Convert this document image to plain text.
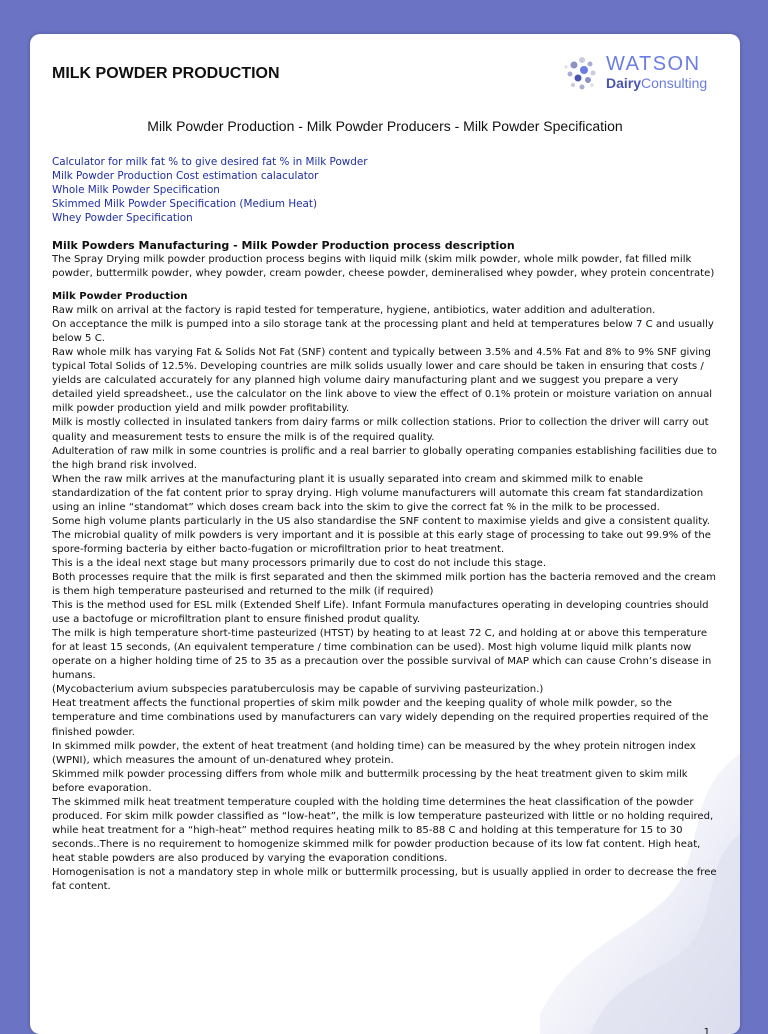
MILK POWDER PRODUCTION	WATSON
DairyConsulting
Milk Powder Production - Milk Powder Producers - Milk Powder Specification
Calculator for milk fat % to give desired fat % in Milk Powder
Milk Powder Production Cost estimation calaculator
Whole Milk Powder Specification
Skimmed Milk Powder Specification (Medium Heat)
Whey Powder Specification
Milk Powders Manufacturing - Milk Powder Production process description

The Spray Drying milk powder production process begins with liquid milk (skim milk powder, whole milk powder, fat filled milk powder, buttermilk powder, whey powder, cream powder, cheese powder, demineralised whey powder, whey protein concentrate)

Milk Powder Production

Raw milk on arrival at the factory is rapid tested for temperature, hygiene, antibiotics, water addition and adulteration.

On acceptance the milk is pumped into a silo storage tank at the processing plant and held at temperatures below 7 C and usually below 5 C.

Raw whole milk has varying Fat & Solids Not Fat (SNF) content and typically between 3.5% and 4.5% Fat and 8% to 9% SNF giving typical Total Solids of 12.5%. Developing countries are milk solids usually lower and care should be taken in ensuring that costs / yields are calculated accurately for any planned high volume dairy manufacturing plant and we suggest you prepare a very detailed yield spreadsheet., use the calculator on the link above to view the effect of 0.1% protein or moisture variation on annual milk powder production yield and milk powder profitability.

Milk is mostly collected in insulated tankers from dairy farms or milk collection stations. Prior to collection the driver will carry out quality and measurement tests to ensure the milk is of the required quality.

Adulteration of raw milk in some countries is prolific and a real barrier to globally operating companies establishing facilities due to the high brand risk involved.

When the raw milk arrives at the manufacturing plant it is usually separated into cream and skimmed milk to enable standardization of the fat content prior to spray drying. High volume manufacturers will automate this cream fat standardization using an inline “standomat” which doses cream back into the skim to give the correct fat % in the milk to be processed.

Some high volume plants particularly in the US also standardise the SNF content to maximise yields and give a consistent quality.

The microbial quality of milk powders is very important and it is possible at this early stage of processing to take out 99.9% of the spore-forming bacteria by either bacto-fugation or microfiltration prior to heat treatment.

This is a the ideal next stage but many processors primarily due to cost do not include this stage.

Both processes require that the milk is first separated and then the skimmed milk portion has the bacteria removed and the cream is them high temperature pasteurised and returned to the milk (if required)

This is the method used for ESL milk (Extended Shelf Life). Infant Formula manufactures operating in developing countries should use a bactofuge or microfiltration plant to ensure finished produt quality.

The milk is high temperature short-time pasteurized (HTST) by heating to at least 72 C, and holding at or above this temperature for at least 15 seconds, (An equivalent temperature / time combination can be used). Most high volume liquid milk plants now operate on a higher holding time of 25 to 35 as a precaution over the possible survival of MAP which can cause Crohn’s disease in humans.

(Mycobacterium avium subspecies paratuberculosis may be capable of surviving pasteurization.)

Heat treatment affects the functional properties of skim milk powder and the keeping quality of whole milk powder, so the temperature and time combinations used by manufacturers can vary widely depending on the required properties required of the finished powder.

In skimmed milk powder, the extent of heat treatment (and holding time) can be measured by the whey protein nitrogen index (WPNI), which measures the amount of un-denatured whey protein.

Skimmed milk powder processing differs from whole milk and buttermilk processing by the heat treatment given to skim milk before evaporation.

The skimmed milk heat treatment temperature coupled with the holding time determines the heat classification of the powder produced. For skim milk powder classified as “low-heat”, the milk is low temperature pasteurized with little or no holding required, while heat treatment for a “high-heat” method requires heating milk to 85-88 C and holding at this temperature for 15 to 30 seconds..There is no requirement to homogenize skimmed milk for powder production because of its low fat content. High heat, heat stable powders are also produced by varying the evaporation conditions.

Homogenisation is not a mandatory step in whole milk or buttermilk processing, but is usually applied in order to decrease the free fat content.

1
